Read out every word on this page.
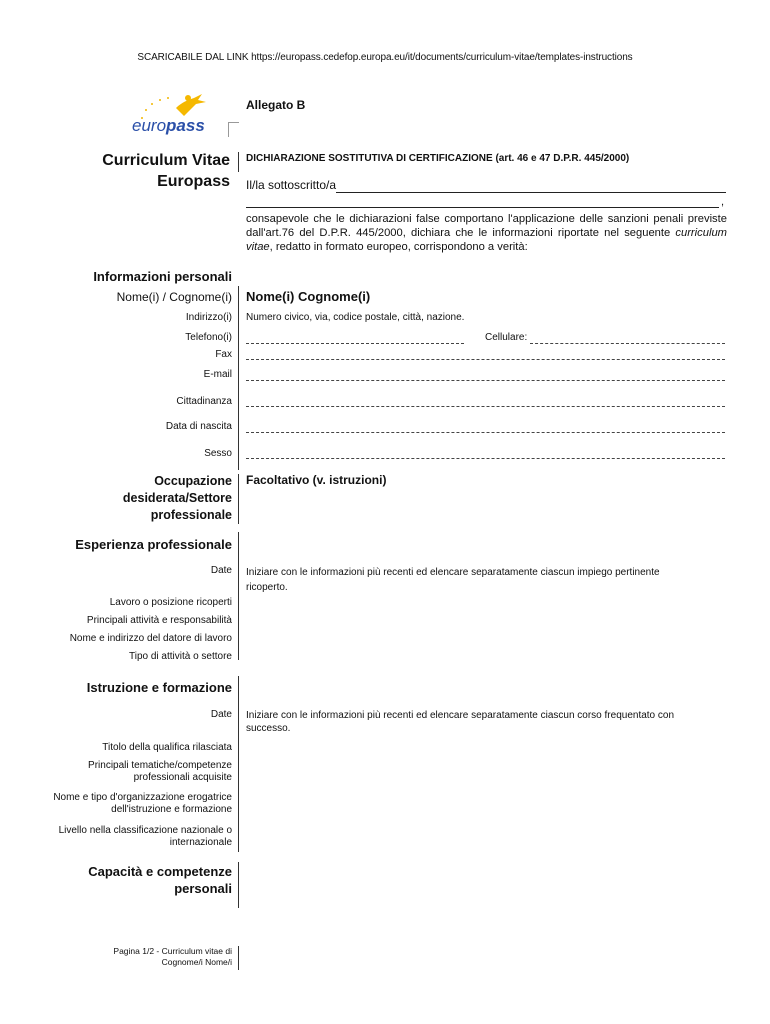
SCARICABILE DAL LINK https://europass.cedefop.europa.eu/it/documents/curriculum-vitae/templates-instructions
europass
Allegato B
Curriculum Vitae
Europass
DICHIARAZIONE SOSTITUTIVA DI CERTIFICAZIONE (art. 46 e 47 D.P.R. 445/2000)
Il/la sottoscritto/a
,
consapevole che le dichiarazioni false comportano l'applicazione delle sanzioni penali previste dall'art.76 del D.P.R. 445/2000, dichiara che le informazioni riportate nel seguente curriculum vitae, redatto in formato europeo, corrispondono a verità:
Informazioni personali
Nome(i) / Cognome(i) Nome(i) Cognome(i)
Indirizzo(i) Numero civico, via, codice postale, città, nazione.
Telefono(i)	Cellulare:
Fax
E-mail
Cittadinanza
Data di nascita
Sesso
Occupazione desiderata/Settore professionale
Facoltativo (v. istruzioni)
Esperienza professionale
Date Iniziare con le informazioni più recenti ed elencare separatamente ciascun impiego pertinente ricoperto.
Lavoro o posizione ricoperti
Principali attività e responsabilità
Nome e indirizzo del datore di lavoro
Tipo di attività o settore
Istruzione e formazione
Date Iniziare con le informazioni più recenti ed elencare separatamente ciascun corso frequentato con successo.
Titolo della qualifica rilasciata
Principali tematiche/competenze professionali acquisite
Nome e tipo d'organizzazione erogatrice dell'istruzione e formazione
Livello nella classificazione nazionale o internazionale
Capacità e competenze personali
Pagina 1/2 - Curriculum vitae di Cognome/i Nome/i
